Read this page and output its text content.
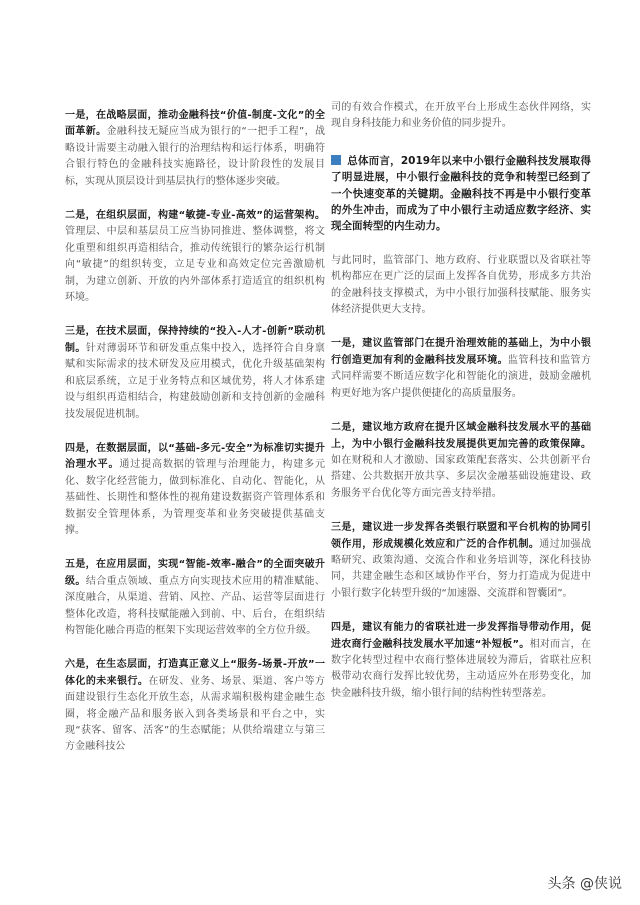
一是，在战略层面，推动金融科技“价值-制度-文化”的全面革新。金融科技无疑应当成为银行的“一把手工程”，战略设计需要主动融入银行的治理结构和运行体系，明确符合银行特色的金融科技实施路径，设计阶段性的发展目标，实现从顶层设计到基层执行的整体逐步突破。

二是，在组织层面，构建“敏捷-专业-高效”的运营架构。管理层、中层和基层员工应当协同推进、整体调整，将文化重塑和组织再造相结合，推动传统银行的繁杂运行机制向“敏捷”的组织转变，立足专业和高效定位完善激励机制，为建立创新、开放的内外部体系打造适宜的组织机构环境。

三是，在技术层面，保持持续的“投入-人才-创新”联动机制。针对薄弱环节和研发重点集中投入，选择符合自身禀赋和实际需求的技术研发及应用模式，优化升级基础架构和底层系统，立足于业务特点和区域优势，将人才体系建设与组织再造相结合，构建鼓励创新和支持创新的金融科技发展促进机制。

四是，在数据层面，以“基础-多元-安全”为标准切实提升治理水平。通过提高数据的管理与治理能力，构建多元化、数字化经营能力，做到标准化、自动化、智能化，从基础性、长期性和整体性的视角建设数据资产管理体系和数据安全管理体系，为管理变革和业务突破提供基础支撑。

五是，在应用层面，实现“智能-效率-融合”的全面突破升级。结合重点领域、重点方向实现技术应用的精准赋能、深度融合，从渠道、营销、风控、产品、运营等层面进行整体化改造，将科技赋能融入到前、中、后台，在组织结构智能化融合再造的框架下实现运营效率的全方位升级。

六是，在生态层面，打造真正意义上“服务-场景-开放”一体化的未来银行。在研发、业务、场景、渠道、客户等方面建设银行生态化开放生态，从需求端积极构建金融生态圈，将金融产品和服务嵌入到各类场景和平台之中，实现“获客、留客、活客”的生态赋能；从供给端建立与第三方金融科技公

司的有效合作模式，在开放平台上形成生态伙伴网络，实现自身科技能力和业务价值的同步提升。

总体而言，2019年以来中小银行金融科技发展取得了明显进展，中小银行金融科技的竞争和转型已经到了一个快速变革的关键期。金融科技不再是中小银行变革的外生冲击，而成为了中小银行主动适应数字经济、实现全面转型的内生动力。

与此同时，监管部门、地方政府、行业联盟以及省联社等机构都应在更广泛的层面上发挥各自优势，形成多方共治的金融科技支撑模式，为中小银行加强科技赋能、服务实体经济提供更大支持。

一是，建议监管部门在提升治理效能的基础上，为中小银行创造更加有利的金融科技发展环境。监管科技和监管方式同样需要不断适应数字化和智能化的演进，鼓励金融机构更好地为客户提供便捷化的高质量服务。

二是，建议地方政府在提升区域金融科技发展水平的基础上，为中小银行金融科技发展提供更加完善的政策保障。如在财税和人才激励、国家政策配套落实、公共创新平台搭建、公共数据开放共享、多层次金融基础设施建设、政务服务平台优化等方面完善支持举措。

三是，建议进一步发挥各类银行联盟和平台机构的协同引领作用，形成规模化效应和广泛的合作机制。通过加强战略研究、政策沟通、交流合作和业务培训等，深化科技协同，共建金融生态和区域协作平台，努力打造成为促进中小银行数字化转型升级的“加速器、交流群和智囊团”。

四是，建议有能力的省联社进一步发挥指导带动作用，促进农商行金融科技发展水平加速“补短板”。相对而言，在数字化转型过程中农商行整体进展较为滞后，省联社应积极带动农商行发挥比较优势，主动适应外在形势变化，加快金融科技升级，缩小银行间的结构性转型落差。

头条 @侠说
